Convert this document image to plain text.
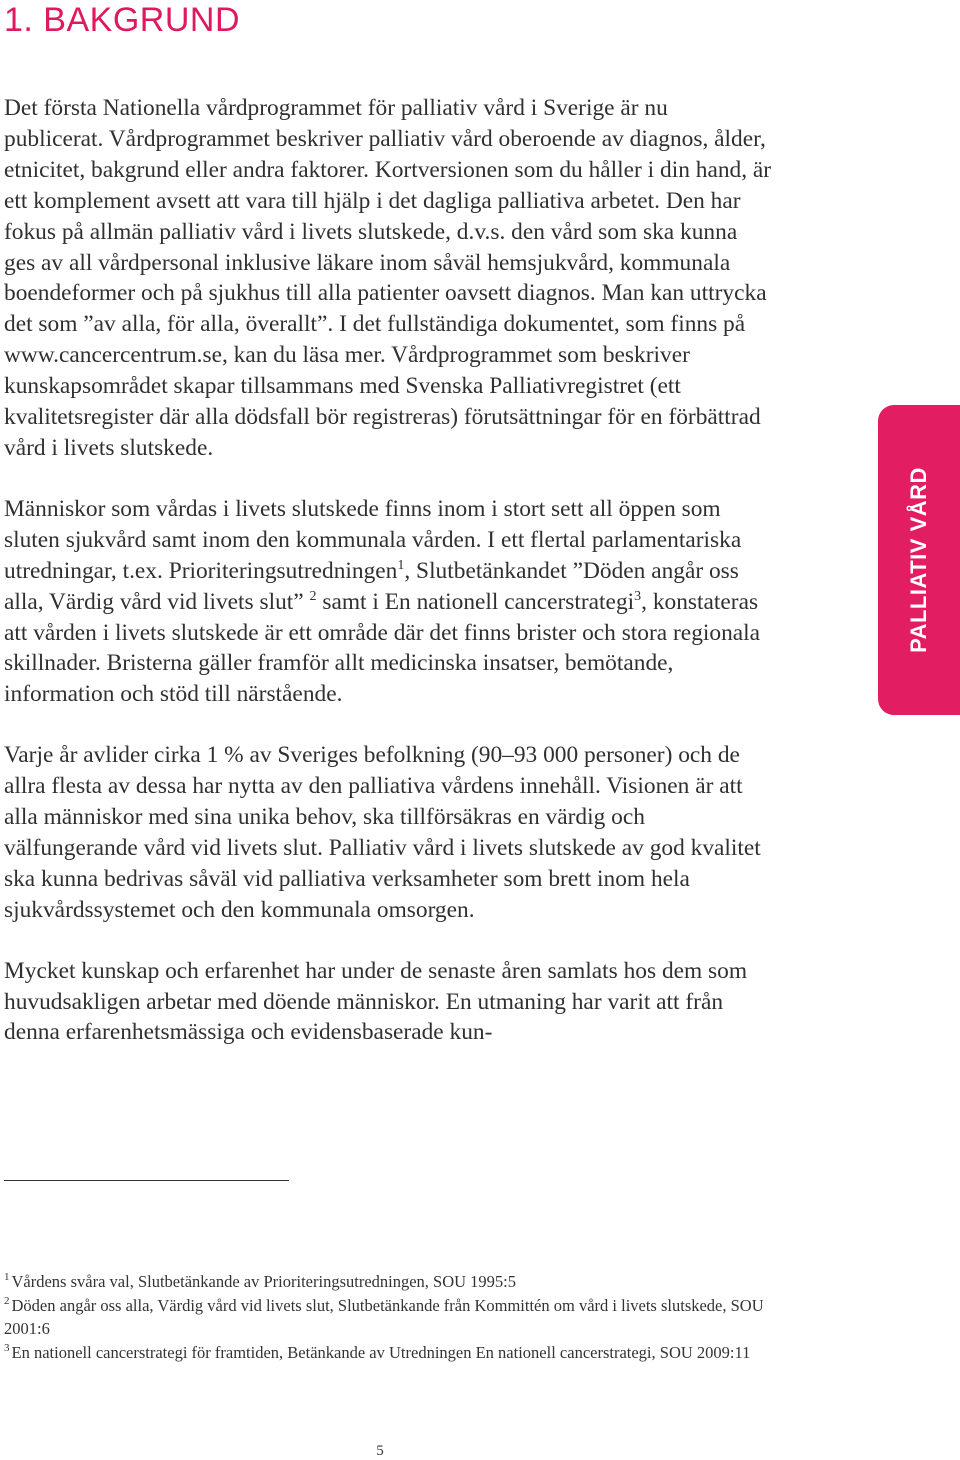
1. BAKGRUND

Det första Nationella vårdprogrammet för palliativ vård i Sverige är nu publicerat. Vårdprogrammet beskriver palliativ vård oberoende av diagnos, ålder, etnicitet, bakgrund eller andra faktorer. Kortversionen som du håller i din hand, är ett komplement avsett att vara till hjälp i det dagliga palliativa arbetet. Den har fokus på allmän palliativ vård i livets slutskede, d.v.s. den vård som ska kunna ges av all vårdpersonal inklusive läkare inom såväl hemsjukvård, kommunala boendeformer och på sjukhus till alla patienter oavsett diagnos. Man kan uttrycka det som ”av alla, för alla, överallt”. I det fullständiga dokumentet, som finns på www.cancercentrum.se, kan du läsa mer. Vårdprogrammet som beskriver kunskapsområdet skapar tillsammans med Svenska Palliativregistret (ett kvalitetsregister där alla dödsfall bör registreras) förutsättningar för en förbättrad vård i livets slutskede.

Människor som vårdas i livets slutskede finns inom i stort sett all öppen som sluten sjukvård samt inom den kommunala vården. I ett flertal parlamentariska utredningar, t.ex. Prioriteringsutredningen$^1$, Slutbetänkandet ”Döden angår oss alla, Värdig vård vid livets slut” $^2$ samt i En nationell cancerstrategi$^3$, konstateras att vården i livets slutskede är ett område där det finns brister och stora regionala skillnader. Bristerna gäller framför allt medicinska insatser, bemötande, information och stöd till närstående.

Varje år avlider cirka 1 % av Sveriges befolkning (90–93 000 personer) och de allra flesta av dessa har nytta av den palliativa vårdens innehåll. Visionen är att alla människor med sina unika behov, ska tillförsäkras en värdig och välfungerande vård vid livets slut. Palliativ vård i livets slutskede av god kvalitet ska kunna bedrivas såväl vid palliativa verksamheter som brett inom hela sjukvårdssystemet och den kommunala omsorgen.

Mycket kunskap och erfarenhet har under de senaste åren samlats hos dem som huvudsakligen arbetar med döende människor. En utmaning har varit att från denna erfarenhetsmässiga och evidensbaserade kun-

PALLIATIV VÅRD

$^1$ Vårdens svåra val, Slutbetänkande av Prioriteringsutredningen, SOU 1995:5

$^2$ Döden angår oss alla, Värdig vård vid livets slut, Slutbetänkande från Kommittén om vård i livets slutskede, SOU 2001:6

$^3$ En nationell cancerstrategi för framtiden, Betänkande av Utredningen En nationell cancerstrategi, SOU 2009:11

5
